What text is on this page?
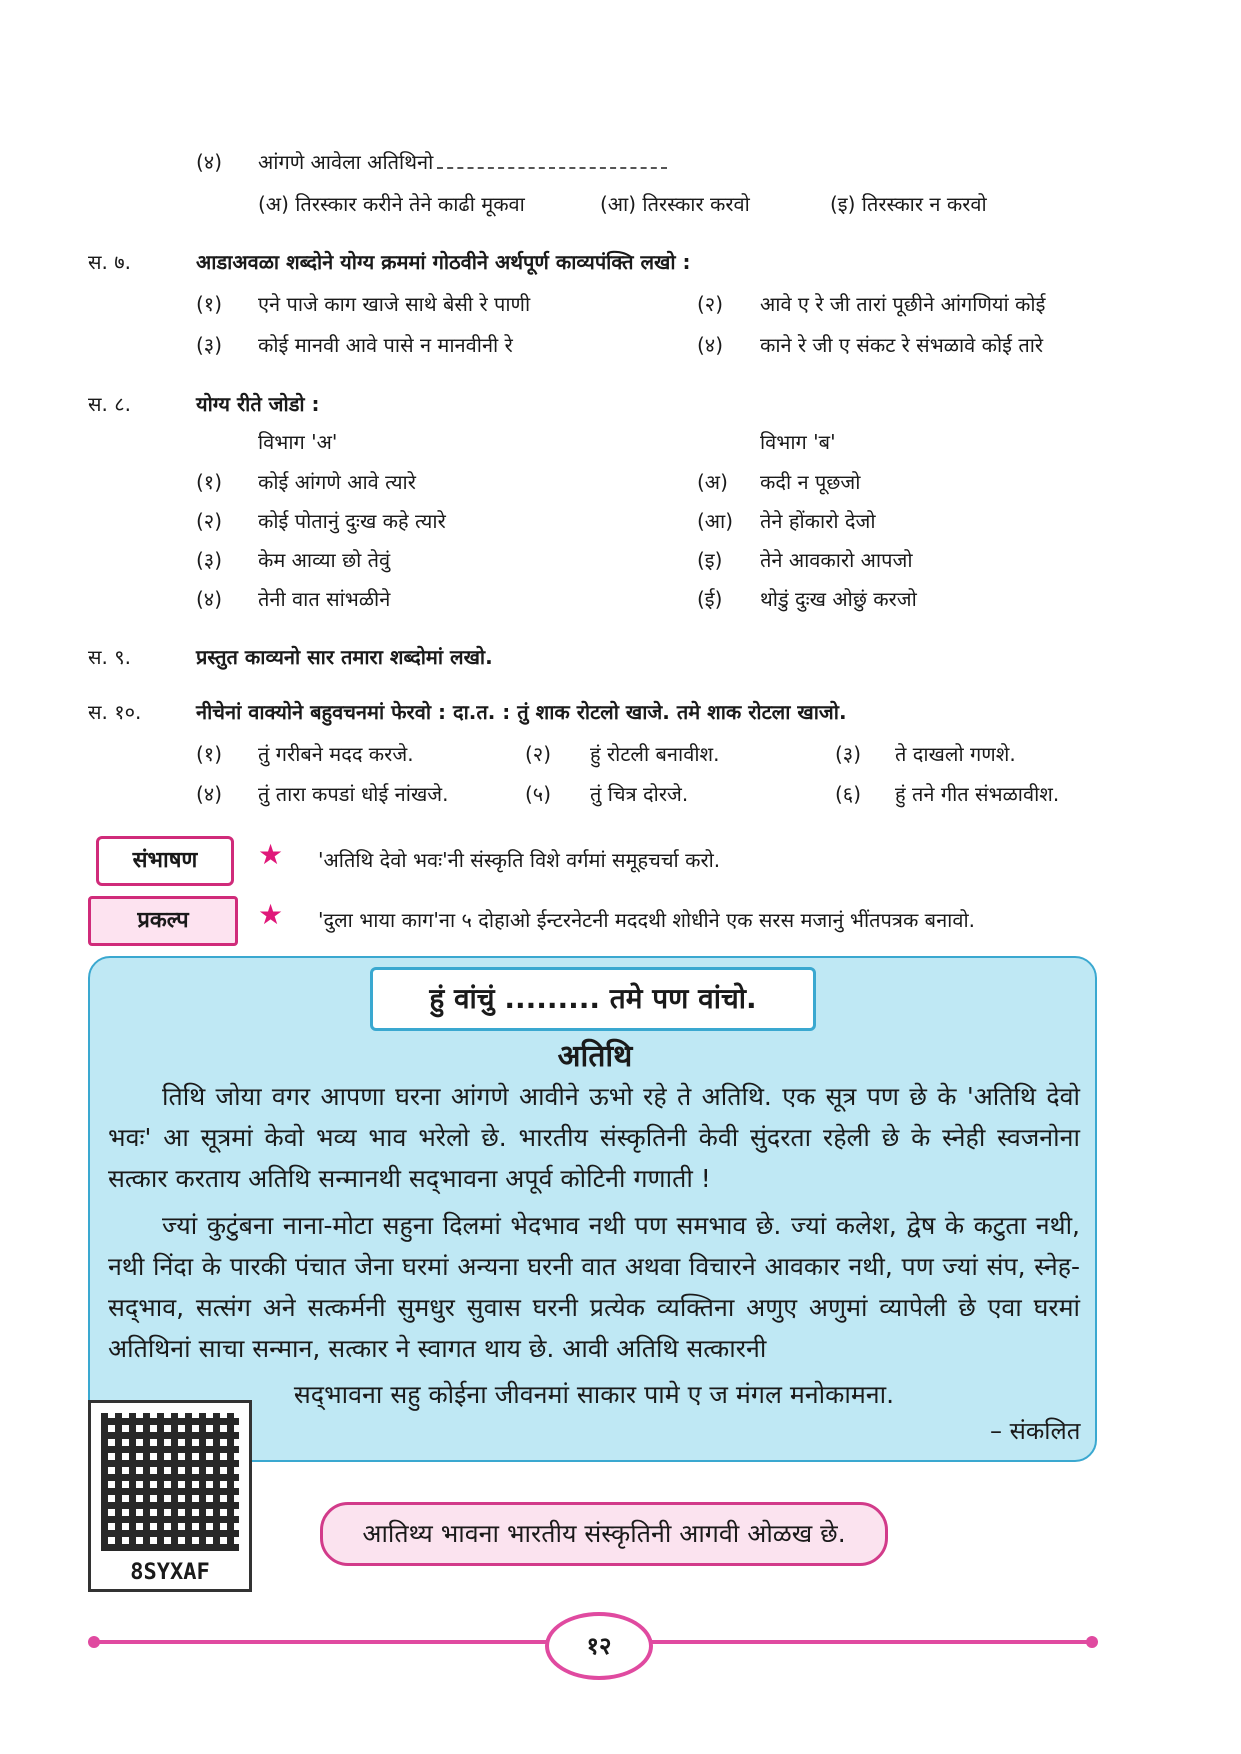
(४) आंगणे आवेला अतिथिनो
(अ) तिरस्कार करीने तेने काढी मूकवा	(आ) तिरस्कार करवो	(इ) तिरस्कार न करवो
स. ७.	आडाअवळा शब्दोने योग्य क्रममां गोठवीने अर्थपूर्ण काव्यपंक्ति लखो :
(१) एने पाजे काग खाजे साथे बेसी रे पाणी	(२) आवे ए रे जी तारां पूछीने आंगणियां कोई
(३) कोई मानवी आवे पासे न मानवीनी रे	(४) काने रे जी ए संकट रे संभळावे कोई तारे
स. ८.	योग्य रीते जोडो :
विभाग 'अ'	विभाग 'ब'
(१) कोई आंगणे आवे त्यारे	(अ) कदी न पूछजो
(२) कोई पोतानुं दुःख कहे त्यारे	(आ) तेने होंकारो देजो
(३) केम आव्या छो तेवुं	(इ) तेने आवकारो आपजो
(४) तेनी वात सांभळीने	(ई) थोडुं दुःख ओछुं करजो
स. ९.	प्रस्तुत काव्यनो सार तमारा शब्दोमां लखो.
स. १०.	नीचेनां वाक्योने बहुवचनमां फेरवो : दा.त. : तुं शाक रोटलो खाजे. तमे शाक रोटला खाजो.
(१) तुं गरीबने मदद करजे.	(२) हुं रोटली बनावीश.	(३) ते दाखलो गणशे.
(४) तुं तारा कपडां धोई नांखजे.	(५) तुं चित्र दोरजे.	(६) हुं तने गीत संभळावीश.
संभाषण	★ 'अतिथि देवो भवः'नी संस्कृति विशे वर्गमां समूहचर्चा करो.
प्रकल्प	★ 'दुला भाया काग'ना ५ दोहाओ ईन्टरनेटनी मददथी शोधीने एक सरस मजानुं भींतपत्रक बनावो.
हुं वांचुं ......... तमे पण वांचो.
अतिथि
तिथि जोया वगर आपणा घरना आंगणे आवीने ऊभो रहे ते अतिथि. एक सूत्र पण छे के 'अतिथि देवो भवः' आ सूत्रमां केवो भव्य भाव भरेलो छे. भारतीय संस्कृतिनी केवी सुंदरता रहेली छे के स्नेही स्वजनोना सत्कार करताय अतिथि सन्मानथी सद्‌भावना अपूर्व कोटिनी गणाती !
ज्यां कुटुंबना नाना-मोटा सहुना दिलमां भेदभाव नथी पण समभाव छे. ज्यां कलेश, द्वेष के कटुता नथी, नथी निंदा के पारकी पंचात जेना घरमां अन्यना घरनी वात अथवा विचारने आवकार नथी, पण ज्यां संप, स्नेह-सद्‌भाव, सत्संग अने सत्कर्मनी सुमधुर सुवास घरनी प्रत्येक व्यक्तिना अणुए अणुमां व्यापेली छे एवा घरमां अतिथिनां साचा सन्मान, सत्कार ने स्वागत थाय छे. आवी अतिथि सत्कारनी
सद्‌भावना सहु कोईना जीवनमां साकार पामे ए ज मंगल मनोकामना.
– संकलित
8SYXAF
आतिथ्य भावना भारतीय संस्कृतिनी आगवी ओळख छे.
१२
